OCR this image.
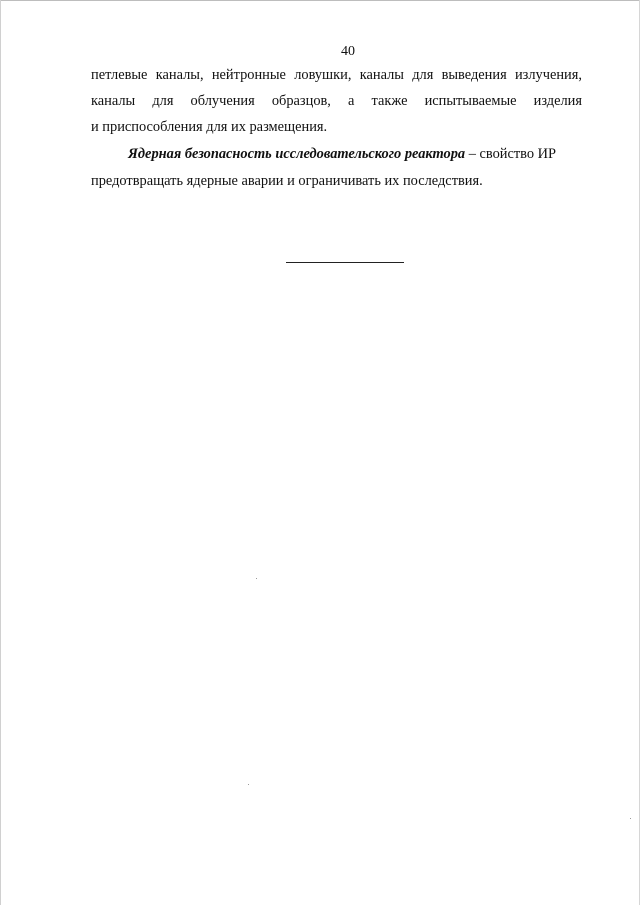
40
петлевые каналы, нейтронные ловушки, каналы для выведения излучения,
каналы для облучения образцов, а также испытываемые изделия
и приспособления для их размещения.
Ядерная безопасность исследовательского реактора – свойство ИР
предотвращать ядерные аварии и ограничивать их последствия.
